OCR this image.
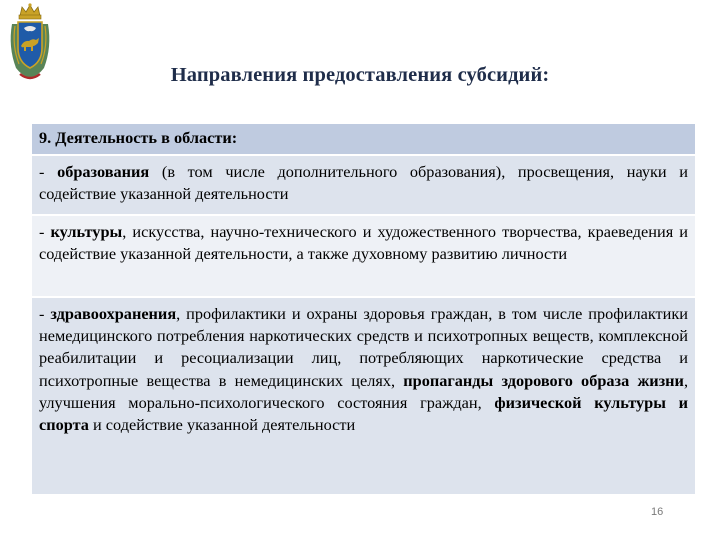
Направления предоставления субсидий:
9. Деятельность в области:
- образования (в том числе дополнительного образования), просвещения, науки и содействие указанной деятельности
- культуры, искусства, научно-технического и художественного творчества, краеведения и содействие указанной деятельности, а также духовному развитию личности
- здравоохранения, профилактики и охраны здоровья граждан, в том числе профилактики немедицинского потребления наркотических средств и психотропных веществ, комплексной реабилитации и ресоциализации лиц, потребляющих наркотические средства и психотропные вещества в немедицинских целях, пропаганды здорового образа жизни, улучшения морально-психологического состояния граждан, физической культуры и спорта и содействие указанной деятельности
16
